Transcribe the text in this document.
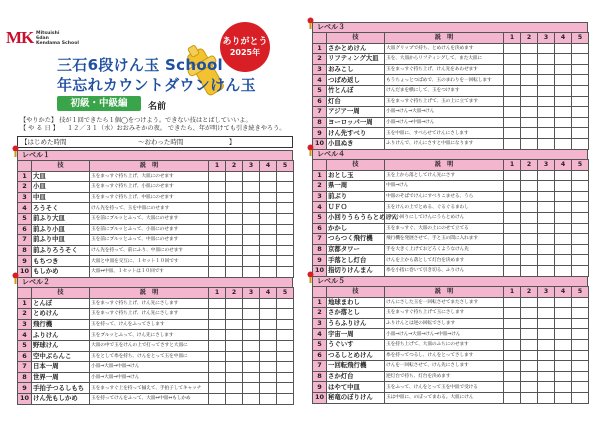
MK Mitsuishi
6dan
Kendama School	ありがとう
2025年
三石6段けん玉 School
年忘れカウントダウンけん玉
初級・中級編	名前
【やりかた】 技が１回できたら１個◯をつけよう。できない技はとばしていいよ。
【 や る 日 】 　１２／３１（水）おおみそかの夜。 できたら、年が明けても引き続きやろう。
【はじめた時間	〜おわった時間　　　　　　　】
レベル１
	技	説　明	1	2	3	4	5
1	大皿	玉をまっすぐ持ち上げ、大皿にのせます					
2	小皿	玉をまっすぐ持ち上げ、小皿にのせます					
3	中皿	玉をまっすぐ持ち上げ、中皿にのせます					
4	ろうそく	けん先を持って、玉を中皿にのせます					
5	前ふり大皿	玉を前にブルッとふって、大皿にのせます					
6	前ふり小皿	玉を前にブルッとふって、小皿にのせます					
7	前ふり中皿	玉を前にブルッとふって、中皿にのせます					
8	前ふりろうそく	けん先を持って、前にふり、中皿にのせます					
9	もちつき	大皿と中皿を交互に、１セット１０回です					
10	もしかめ	大皿⇔中皿、１セットは１０回です					
レベル２
	技	説　明	1	2	3	4	5
1	とんぼ	玉をまっすぐ持ち上げ、けん先にさします					
2	とめけん	玉をまっすぐ持ち上げ、けん先にさします					
3	飛行機	玉を持って、けんをふってさします					
4	ふりけん	玉をブルッとふって、けん先にさします					
5	野球けん	大皿の中で玉をけんの上で打ってさすと大皿に					
6	空中ぶらんこ	玉をとして糸を持ち、けんをとって玉を中皿に					
7	日本一周	小皿⇒大皿⇒中皿⇒けん					
8	世界一周	小皿⇒大皿⇒中皿⇒けん					
9	手拍子つるしもち	玉をまっすぐ上を持って揃えて、手拍子してキャッチ					
10	けん先もしかめ	玉を持ってけんをふって、大皿⇔中皿⇔もしかめ					
レベル３
	技	説　明	1	2	3	4	5
1	さかとめけん	大皿グリップで持ち、とめけんを決めます					
2	リフティング大皿	玉を、大皿からリフティングして、また大皿に					
3	おみこし	玉をまっすぐ持ち上げ、けん先をあわせます					
4	つばめ返し	もうちょっとつばめで、玉のまわりを一回転します					
5	竹とんぼ	けんだまを横にして、玉をつけます					
6	灯台	玉をまっすぐ持ち上げて、玉の上に立てます					
7	アジア一周	小皿⇒けん⇒大皿⇒けん					
8	ヨーロッパ一周	小皿⇒けん⇒中皿⇒けん					
9	けん先すべり	玉を中皿に、すべらせてけんにさします					
10	小皿ぬき	ふりけんで、けんにさすと中皿になります					
レベル４
	技	説　明	1	2	3	4	5
1	おとし玉	玉を上から落としてけん先にさす					
2	県一周	中皿⇒けん					
3	前ぶり	中皿のそばでけんにすべりこませる、うら					
4	ＵＦＯ	玉をけんの上でとめる、ぐるぐるまわし					
5	小回りうらうらとめけん	玉を小回りにしてけんにうらとめけん					
6	かかし	玉をまっすぐ、大皿の上にのせて立てる					
7	つらつく飛行機	飛行機を発展させて、手と玉の間に入れます					
8	京都タワー	手を大きく上げておどろくようなけん先					
9	手落とし灯台	けんを上から落として灯台を決めます					
10	指切りけんまん	糸を小指に巻いて引き切る、ふりけん					
レベル５
	技	説　明	1	2	3	4	5
1	地球まわし	けんにさした玉を一回転させてまたさします					
2	さか落とし	玉をまっすぐ持ち上げて玉にさします					
3	うらふりけん	ふりけんとは逆の回転でさします					
4	宇宙一周	小皿⇒けん⇒大皿⇒けん⇒中皿⇒けん					
5	うぐいす	玉を持ち上げて、大皿のふちにのせます					
6	つるしとめけん	糸を持ってつるし、けんをとってさします					
7	一回転飛行機	けんを一回転させて、けん先にさします					
8	さか灯台	逆灯台で持ち、灯台を決めます					
9	はやて中皿	玉をふって、けんをとって玉を中皿で受ける					
10	秘竜のぼりけん	玉は中皿に、のぼってまわる。大皿にけん					
